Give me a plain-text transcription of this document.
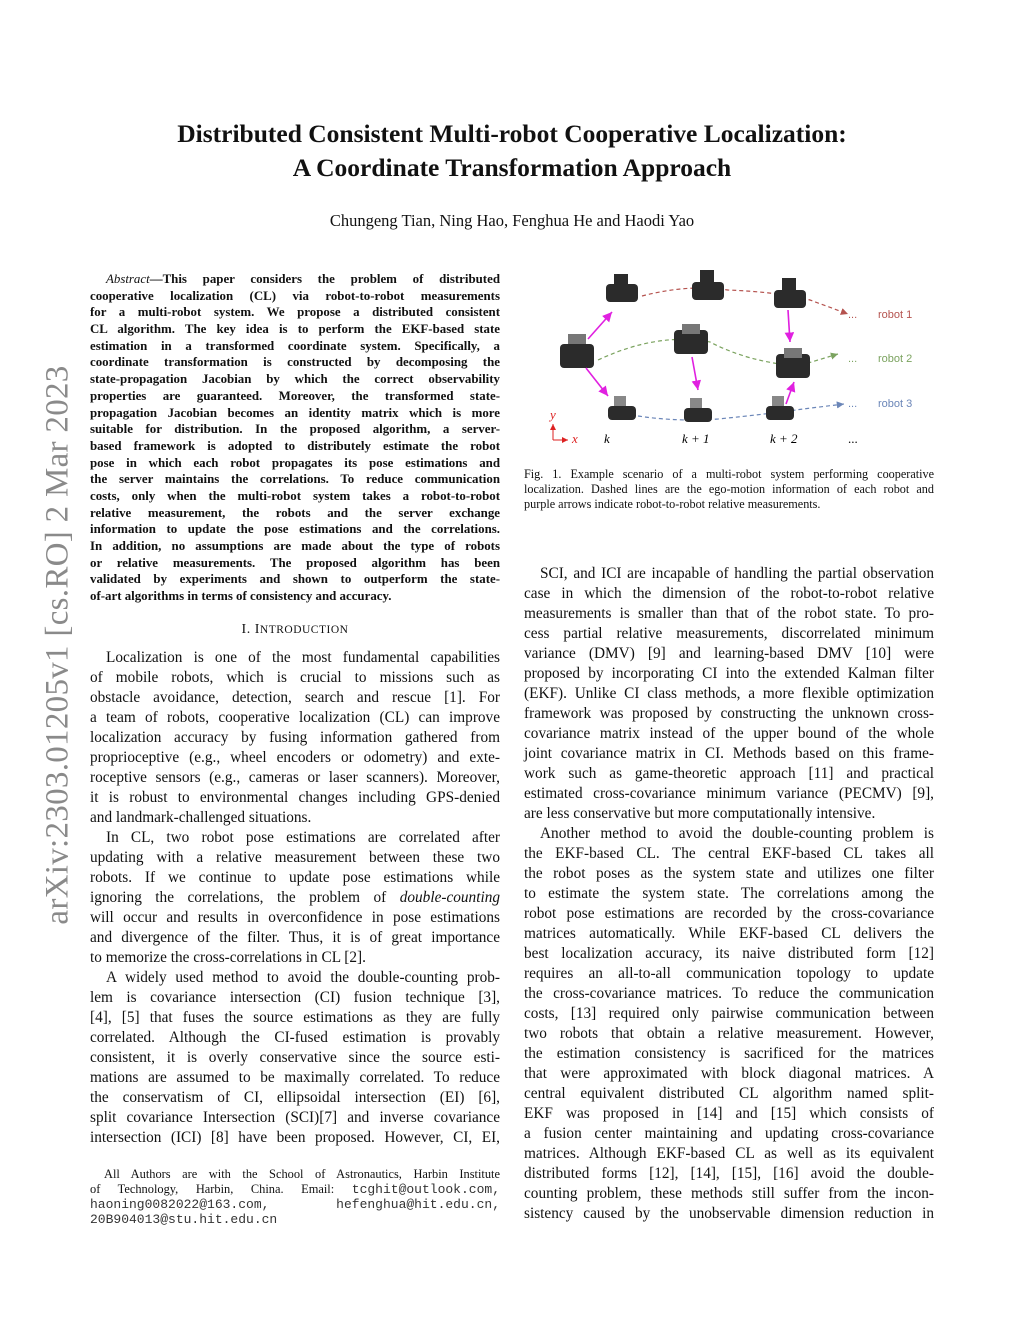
arXiv:2303.01205v1 [cs.RO] 2 Mar 2023
Distributed Consistent Multi-robot Cooperative Localization:
A Coordinate Transformation Approach
Chungeng Tian, Ning Hao, Fenghua He and Haodi Yao
Abstract—This paper considers the problem of distributed
cooperative localization (CL) via robot-to-robot measurements
for a multi-robot system. We propose a distributed consistent
CL algorithm. The key idea is to perform the EKF-based state
estimation in a transformed coordinate system. Specifically, a
coordinate transformation is constructed by decomposing the
state-propagation Jacobian by which the correct observability
properties are guaranteed. Moreover, the transformed state-
propagation Jacobian becomes an identity matrix which is more
suitable for distribution. In the proposed algorithm, a server-
based framework is adopted to distributely estimate the robot
pose in which each robot propagates its pose estimations and
the server maintains the correlations. To reduce communication
costs, only when the multi-robot system takes a robot-to-robot
relative measurement, the robots and the server exchange
information to update the pose estimations and the correlations.
In addition, no assumptions are made about the type of robots
or relative measurements. The proposed algorithm has been
validated by experiments and shown to outperform the state-
of-art algorithms in terms of consistency and accuracy.
I. INTRODUCTION
Localization is one of the most fundamental capabilities
of mobile robots, which is crucial to missions such as
obstacle avoidance, detection, search and rescue [1]. For
a team of robots, cooperative localization (CL) can improve
localization accuracy by fusing information gathered from
proprioceptive (e.g., wheel encoders or odometry) and exte-
roceptive sensors (e.g., cameras or laser scanners). Moreover,
it is robust to environmental changes including GPS-denied
and landmark-challenged situations.
In CL, two robot pose estimations are correlated after
updating with a relative measurement between these two
robots. If we continue to update pose estimations while
ignoring the correlations, the problem of double-counting
will occur and results in overconfidence in pose estimations
and divergence of the filter. Thus, it is of great importance
to memorize the cross-correlations in CL [2].
A widely used method to avoid the double-counting prob-
lem is covariance intersection (CI) fusion technique [3],
[4], [5] that fuses the source estimations as they are fully
correlated. Although the CI-fused estimation is provably
consistent, it is overly conservative since the source esti-
mations are assumed to be maximally correlated. To reduce
the conservatism of CI, ellipsoidal intersection (EI) [6],
split covariance Intersection (SCI)[7] and inverse covariance
intersection (ICI) [8] have been proposed. However, CI, EI,
SCI, and ICI are incapable of handling the partial observation
case in which the dimension of the robot-to-robot relative
measurements is smaller than that of the robot state. To pro-
cess partial relative measurements, discorrelated minimum
variance (DMV) [9] and learning-based DMV [10] were
proposed by incorporating CI into the extended Kalman filter
(EKF). Unlike CI class methods, a more flexible optimization
framework was proposed by constructing the unknown cross-
covariance matrix instead of the upper bound of the whole
joint covariance matrix in CI. Methods based on this frame-
work such as game-theoretic approach [11] and practical
estimated cross-covariance minimum variance (PECMV) [9],
are less conservative but more computationally intensive.
Another method to avoid the double-counting problem is
the EKF-based CL. The central EKF-based CL takes all
the robot poses as the system state and utilizes one filter
to estimate the system state. The correlations among the
robot pose estimations are recorded by the cross-covariance
matrices automatically. While EKF-based CL delivers the
best localization accuracy, its naive distributed form [12]
requires an all-to-all communication topology to update
the cross-covariance matrices. To reduce the communication
costs, [13] required only pairwise communication between
two robots that obtain a relative measurement. However,
the estimation consistency is sacrificed for the matrices
that were approximated with block diagonal matrices. A
central equivalent distributed CL algorithm named split-
EKF was proposed in [14] and [15] which consists of
a fusion center maintaining and updating cross-covariance
matrices. Although EKF-based CL as well as its equivalent
distributed forms [12], [14], [15], [16] avoid the double-
counting problem, these methods still suffer from the incon-
sistency caused by the unobservable dimension reduction in
... robot 1
... robot 2
... robot 3
y
x k	k + 1	k + 2	...
Fig. 1. Example scenario of a multi-robot system performing cooperative
localization. Dashed lines are the ego-motion information of each robot and
purple arrows indicate robot-to-robot relative measurements.
All Authors are with the School of Astronautics, Harbin Institute
of Technology, Harbin, China. Email: tcghit@outlook.com,
haoning0082022@163.com, hefenghua@hit.edu.cn,
20B904013@stu.hit.edu.cn
